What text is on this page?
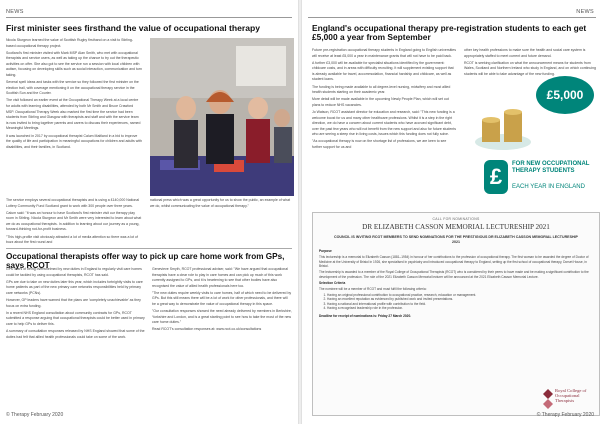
NEWS
First minister sees firsthand the value of occupational therapy

Nicola Sturgeon learned the value of Scottish Rugby firsthand on a visit to Stirling-based occupational therapy project.

Scotland's first minister visited with Mark MSP Alan Smith, who met with occupational therapists and service users, as well as taking up the chance to try out the therapeutic activities on offer. She also got to see the service run a session with local children with autism, focusing on developing skills such as social interaction, communication and turn taking.

Several spell ideas and tasks with the service so they followed the first minister on the election trail, with coverage mentioning it on the occupational therapy service in the Scottish Sun and the Courier.

The visit followed an earlier event at the Occupational Therapy Week at a local centre for adults with learning disabilities, attended by both Mr Smith and Bruce Crawford MSP. Occupational Therapy Week also marked the first time the service had been students from Stirling and Glasgow with therapists and staff and with the service team is now invited to bring together parents and carers to discuss their experiences, named Meaningful Meetings.

It was launched in 2017 by occupational therapist Calum Maitland in a bid to improve the quality of life and participation in meaningful occupations for children and adults with disabilities, and their families, in Scotland.

national press which was a great opportunity for us to show the public, an example of what we do, whilst communicating the value of occupational therapy."

The service employs several occupational therapists and is using a £140,000 National Lottery Community Fund Scotland grant to work with 300 people over three years.

Calum said: "It was an honour to have Scotland's first minister visit our therapy play room in Stirling. Nicola Sturgeon and Mr Smith were very interested to learn about what we do as occupational therapists. In addition to learning about our journey as a young, forward-thinking not-for-profit business.

"This high-profile visit obviously attracted a lot of media attention so there was a lot of buzz about the first round and

Occupational therapists offer way to pick up care home work from GPs, says RCOT

GPs' fears of being overwhelmed by new duties in England to regularly visit care homes could be tackled by using occupational therapists, RCOT has said.

GPs are due to take on new duties later this year, which includes fortnightly visits to care home patients as part of the new primary care networks responsibilities held by primary care networks (PCNs).

However, GP leaders have warned that the plans are 'completely unachievable' as they focus on extra funding.

In a recent NHS England consultation about community contracts for GPs, RCOT submitted a response arguing that occupational therapists could be better used in primary care to help GPs to deliver this.

A summary of consultation responses released by NHS England showed that some of the duties had felt that allied health professionals could take on some of the work.

Genevieve Smyth, RCOT professional adviser, said: "We have argued that occupational therapists have a clear role to play in care homes and can pick up much of this work currently assigned to GPs, and it is heartening to see that other bodies have also recognised the value of allied health professionals here too.

"The new duties require weekly visits to care homes, half of which need to be delivered by GPs. But this still means there will be a lot of work for other professionals, and there will be a great way to demonstrate the value of occupational therapy in this space.

"Our consultation responses showed the need already delivered by members in Berkshire, Yorkshire and London, and is a great starting point to see how to take the most of the new care home duties."

Read RCOT's consultation responses at: www.rcot.co.uk/consultations

© Therapy February 2020
NEWS
England's occupational therapy pre-registration students to each get £5,000 a year from September

Future pre-registration occupational therapy students in England going to English universities will receive at least £5,000 a year in maintenance grants that will not have to be paid back.

A further £3,000 will be available for specialist situations identified by the government: childcare costs, and in areas with difficulty recruiting. It will supplement existing support that is already available for travel, accommodation, financial hardship and childcare, as well as student loans.

The funding is being made available to all degree-level nursing, midwifery and most allied health students starting on their academic year.

More detail will be made available in the upcoming Newly People Plan, which will set out plans to reduce NHS vacancies.

Jo Watson, RCOT assistant director for education and research, said: "This new funding is a welcome boost for us and many other healthcare professions. Whilst it is a step in the right direction, we do have a concern about current students who have accrued significant debt, over the past few years who will not benefit from the new support and also for future students who are seeing a steep rise in living costs, issues which this funding does not fully solve.

"As occupational therapy is now on the shortage list of professions, we are keen to see further support for us and

other key health professions to make sure the health and social care system is appropriately staffed to meet current and future demand.

RCOT is seeking clarification on what the announcement means for students from Wales, Scotland and Northern Ireland who study in England, and on which continuing students will be able to take advantage of the new funding.

£5,000
£	FOR NEW OCCUPATIONAL THERAPY STUDENTS
EACH YEAR IN ENGLAND
CALL FOR NOMINATIONS
DR ELIZABETH CASSON MEMORIAL LECTURESHIP 2021
COUNCIL IS INVITING RCOT MEMBERS TO SEND NOMINATIONS FOR THE PRESTIGIOUS DR ELIZABETH CASSON MEMORIAL LECTURESHIP 2021

Purpose

This lectureship is a memorial to Elizabeth Casson (1881–1954) in honour of her contributions to the profession of occupational therapy. The first woman to be awarded the degree of Doctor of Medicine at the University of Bristol in 1926, she specialised in psychiatry and introduced occupational therapy to England, setting up the first school of occupational therapy, Dorset House, in Bristol.

The lectureship is awarded to a member of the Royal College of Occupational Therapists (RCOT) who is considered by their peers to have made and be making a significant contribution to the development of the profession. The role of the 2021 Elizabeth Casson Memorial lecturer will be announced at the 2021 Elizabeth Casson Memorial Lecture.

Selection Criteria

The nominee will be a member of RCOT and must fulfil the following criteria:

1. Having an original professional contribution to occupational practice, research, education or management.
2. Having an excellent reputation as evidenced by published work and invited presentations.
3. Having a national and international profile with contribution to the field.
4. Having a recognised leadership role in the profession.

Deadline for receipt of nominations is: Friday 27 March 2020.

Royal College of Occupational Therapists
© Therapy February 2020
